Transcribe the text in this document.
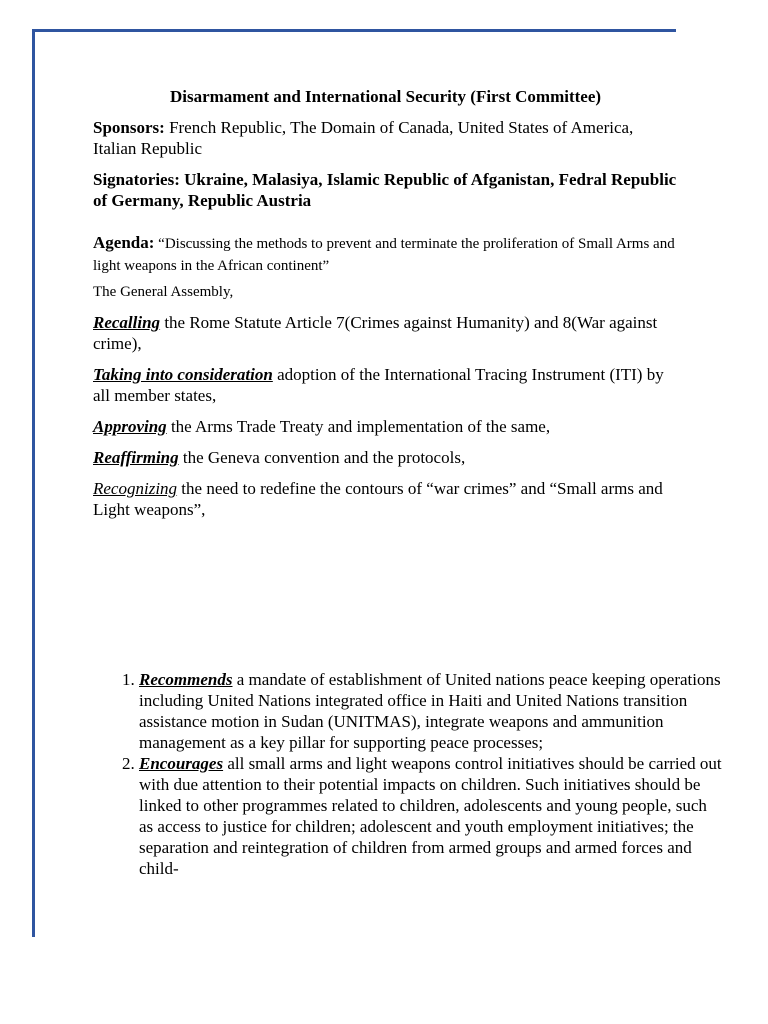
Disarmament and International Security (First Committee)

Sponsors: French Republic, The Domain of Canada, United States of America, Italian Republic

Signatories: Ukraine, Malasiya, Islamic Republic of Afganistan, Fedral Republic of Germany, Republic Austria

Agenda: “Discussing the methods to prevent and terminate the proliferation of Small Arms and light weapons in the African continent”

The General Assembly,

Recalling the Rome Statute Article 7(Crimes against Humanity) and 8(War against crime),

Taking into consideration adoption of the International Tracing Instrument (ITI) by all member states,

Approving the Arms Trade Treaty and implementation of the same,

Reaffirming the Geneva convention and the protocols,

Recognizing the need to redefine the contours of “war crimes” and “Small arms and Light weapons”,

1. Recommends a mandate of establishment of United nations peace keeping operations including United Nations integrated office in Haiti and United Nations transition assistance motion in Sudan (UNITMAS), integrate weapons and ammunition management as a key pillar for supporting peace processes;
2. Encourages all small arms and light weapons control initiatives should be carried out with due attention to their potential impacts on children. Such initiatives should be linked to other programmes related to children, adolescents and young people, such as access to justice for children; adolescent and youth employment initiatives; the separation and reintegration of children from armed groups and armed forces and child-
